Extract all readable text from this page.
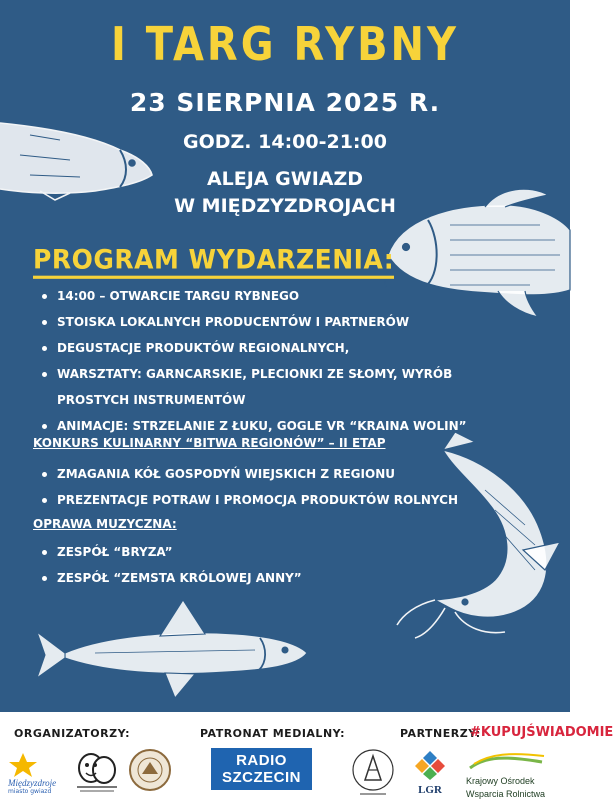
I TARG RYBNY
23 SIERPNIA 2025 R.
GODZ. 14:00-21:00
ALEJA GWIAZD
W MIĘDZYZDROJACH
PROGRAM WYDARZENIA:
14:00 – OTWARCIE TARGU RYBNEGO
STOISKA LOKALNYCH PRODUCENTÓW I PARTNERÓW
DEGUSTACJE PRODUKTÓW REGIONALNYCH,
WARSZTATY: GARNCARSKIE, PLECIONKI ZE SŁOMY, WYRÓB PROSTYCH INSTRUMENTÓW
ANIMACJE: STRZELANIE Z ŁUKU, GOGLE VR “KRAINA WOLIN”
KONKURS KULINARNY “BITWA REGIONÓW” – II ETAP
ZMAGANIA KÓŁ GOSPODYŃ WIEJSKICH Z REGIONU
PREZENTACJE POTRAW I PROMOCJA PRODUKTÓW ROLNYCH
OPRAWA MUZYCZNA:
ZESPÓŁ “BRYZA”
ZESPÓŁ “ZEMSTA KRÓLOWEJ ANNY”
ORGANIZATORZY:	PATRONAT MEDIALNY:	PARTNERZY:
#KUPUJŚWIADOMIE
Międzyzdroje
miasto gwiazd	LGR
Krajowy Ośrodek
Wsparcia Rolnictwa
RADIO
SZCZECIN
